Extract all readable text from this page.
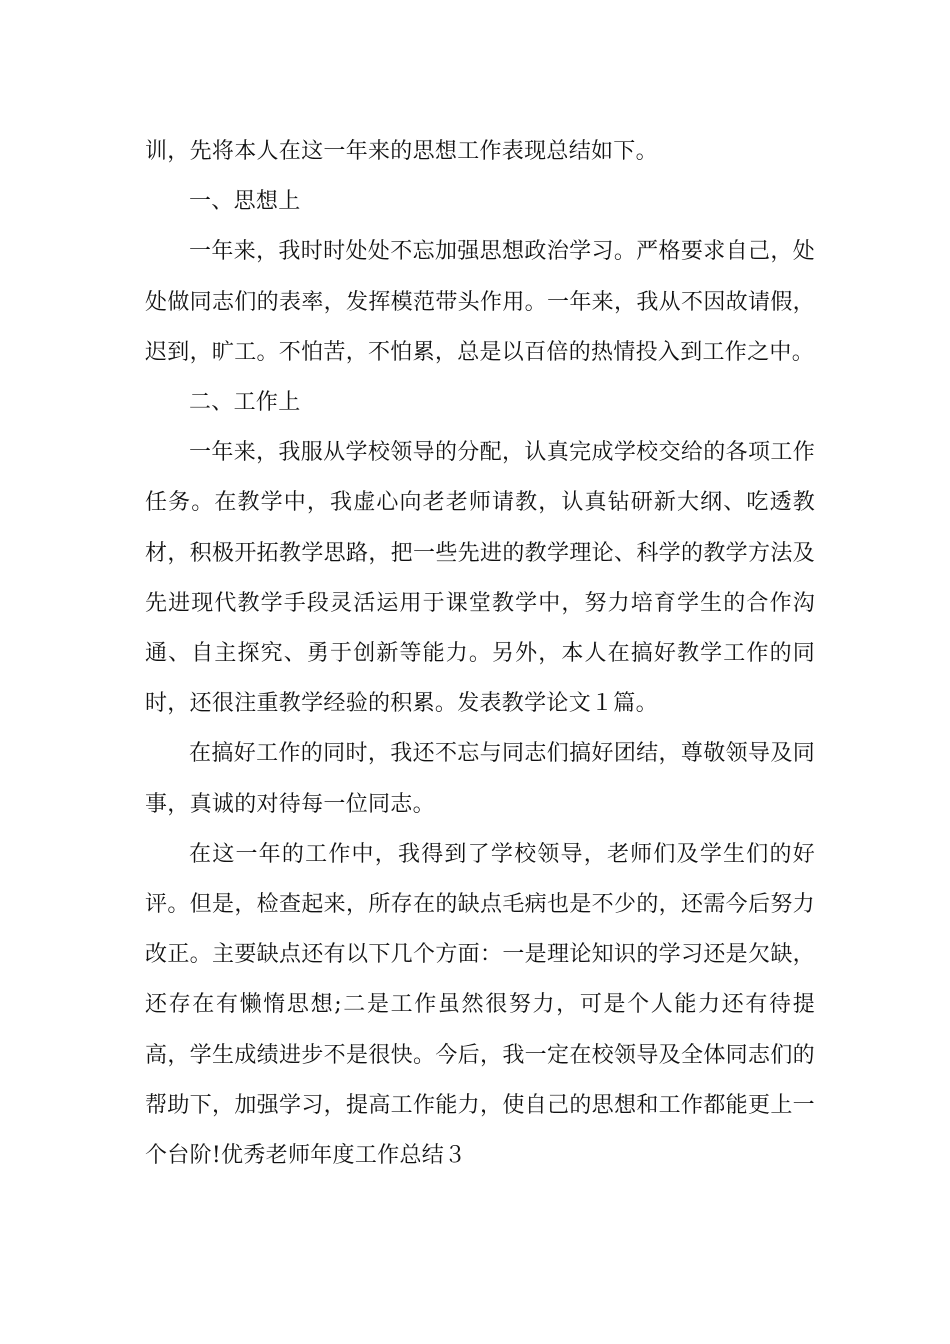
训，先将本人在这一年来的思想工作表现总结如下。

一、思想上

一年来，我时时处处不忘加强思想政治学习。严格要求自己，处处做同志们的表率，发挥模范带头作用。一年来，我从不因故请假，迟到，旷工。不怕苦，不怕累，总是以百倍的热情投入到工作之中。

二、工作上

一年来，我服从学校领导的分配，认真完成学校交给的各项工作任务。在教学中，我虚心向老老师请教，认真钻研新大纲、吃透教材，积极开拓教学思路，把一些先进的教学理论、科学的教学方法及先进现代教学手段灵活运用于课堂教学中，努力培育学生的合作沟通、自主探究、勇于创新等能力。另外，本人在搞好教学工作的同时，还很注重教学经验的积累。发表教学论文１篇。

在搞好工作的同时，我还不忘与同志们搞好团结，尊敬领导及同事，真诚的对待每一位同志。

在这一年的工作中，我得到了学校领导，老师们及学生们的好评。但是，检查起来，所存在的缺点毛病也是不少的，还需今后努力改正。主要缺点还有以下几个方面：一是理论知识的学习还是欠缺，还存在有懒惰思想;二是工作虽然很努力，可是个人能力还有待提高，学生成绩进步不是很快。今后，我一定在校领导及全体同志们的帮助下，加强学习，提高工作能力，使自己的思想和工作都能更上一个台阶!优秀老师年度工作总结３
